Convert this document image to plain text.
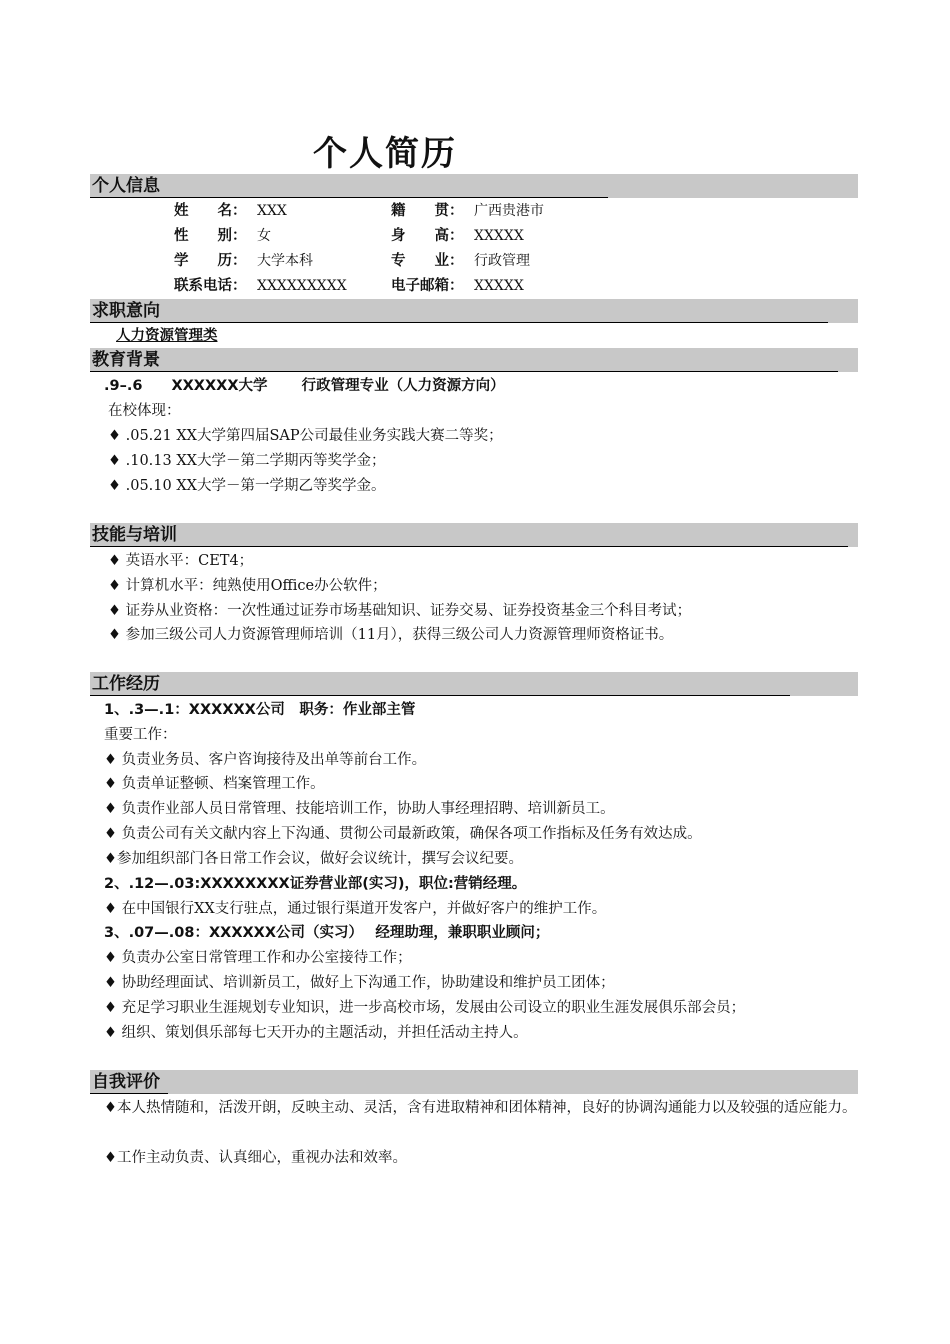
个人简历
个人信息
姓　　名： XXX	籍　　贯： 广西贵港市
性　　别： 女	身　　高： XXXXX
学　　历： 大学本科	专　　业： 行政管理
联系电话： XXXXXXXXX	电子邮箱： XXXXX
求职意向
人力资源管理类
教育背景
.9–.6　　XXXXXX大学　　 行政管理专业（人力资源方向）
在校体现：
♦ .05.21 XX大学第四届SAP公司最佳业务实践大赛二等奖；
♦ .10.13 XX大学－第二学期丙等奖学金；
♦ .05.10 XX大学－第一学期乙等奖学金。
技能与培训
♦ 英语水平：CET4；
♦ 计算机水平：纯熟使用Office办公软件；
♦ 证券从业资格：一次性通过证券市场基础知识、证券交易、证券投资基金三个科目考试；
♦ 参加三级公司人力资源管理师培训（11月），获得三级公司人力资源管理师资格证书。
工作经历
1、.3—.1：XXXXXX公司　职务：作业部主管
重要工作：
♦ 负责业务员、客户咨询接待及出单等前台工作。
♦ 负责单证整顿、档案管理工作。
♦ 负责作业部人员日常管理、技能培训工作，协助人事经理招聘、培训新员工。
♦ 负责公司有关文献内容上下沟通、贯彻公司最新政策，确保各项工作指标及任务有效达成。
♦参加组织部门各日常工作会议，做好会议统计，撰写会议纪要。
2、.12—.03:XXXXXXXX证券营业部(实习)，职位:营销经理。
♦ 在中国银行XX支行驻点，通过银行渠道开发客户，并做好客户的维护工作。
3、.07—.08：XXXXXX公司（实习）　 经理助理，兼职职业顾问；
♦ 负责办公室日常管理工作和办公室接待工作；
♦ 协助经理面试、培训新员工，做好上下沟通工作，协助建设和维护员工团体；
♦ 充足学习职业生涯规划专业知识，进一步高校市场，发展由公司设立的职业生涯发展俱乐部会员；
♦ 组织、策划俱乐部每七天开办的主题活动，并担任活动主持人。
自我评价
♦本人热情随和，活泼开朗，反映主动、灵活，含有进取精神和团体精神，良好的协调沟通能力以及较强的适应能力。
♦工作主动负责、认真细心，重视办法和效率。
